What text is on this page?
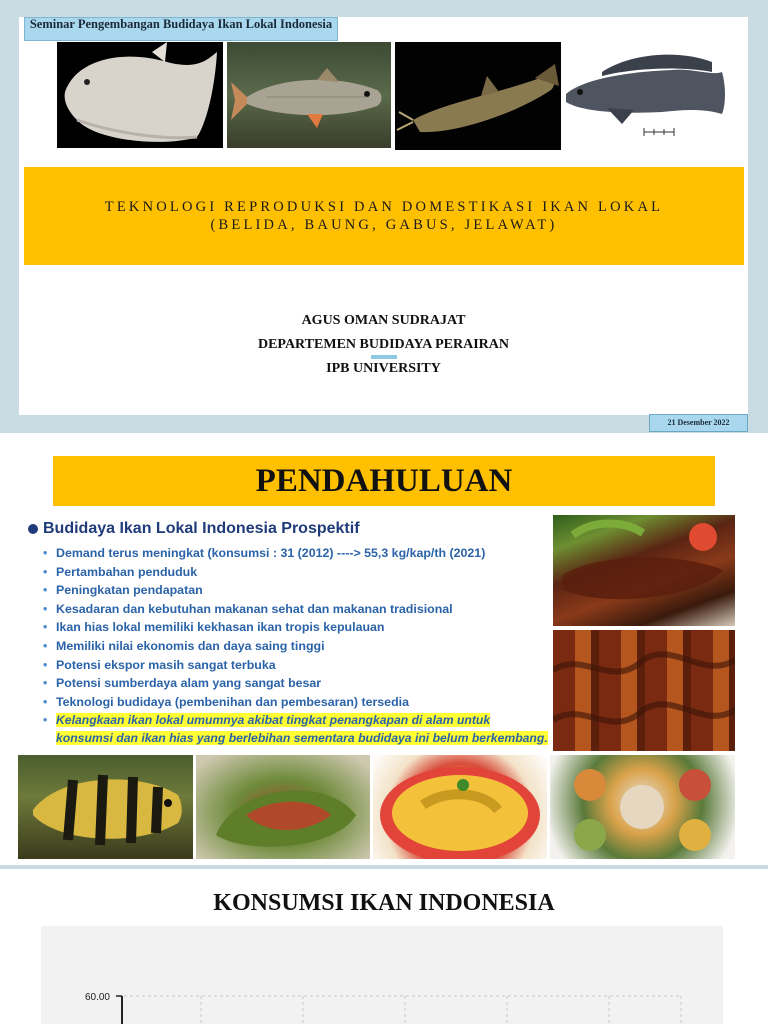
Seminar Pengembangan Budidaya Ikan Lokal Indonesia
TEKNOLOGI REPRODUKSI DAN DOMESTIKASI IKAN LOKAL
(BELIDA, BAUNG, GABUS, JELAWAT)
AGUS OMAN SUDRAJAT
DEPARTEMEN BUDIDAYA PERAIRAN
IPB UNIVERSITY
21 Desember 2022
PENDAHULUAN
Budidaya Ikan Lokal Indonesia Prospektif
• Demand terus meningkat (konsumsi : 31 (2012) ----> 55,3 kg/kap/th (2021)
• Pertambahan penduduk
• Peningkatan pendapatan
• Kesadaran dan kebutuhan makanan sehat dan makanan tradisional
• Ikan hias lokal memiliki kekhasan ikan tropis kepulauan
• Memiliki nilai ekonomis dan daya saing tinggi
• Potensi ekspor masih sangat terbuka
• Potensi sumberdaya alam yang sangat besar
• Teknologi budidaya (pembenihan dan pembesaran) tersedia
• Kelangkaan ikan lokal umumnya akibat tingkat penangkapan di alam untuk
konsumsi dan ikan hias yang berlebihan sementara budidaya ini belum berkembang.
KONSUMSI IKAN INDONESIA
60.00
